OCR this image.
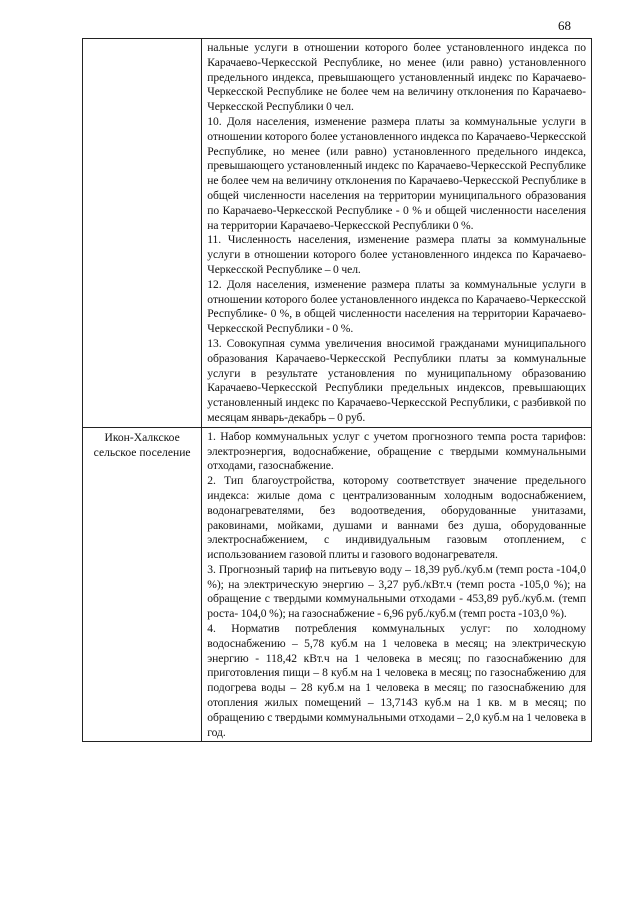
68

	нальные услуги в отношении которого более установленного индекса по Карачаево-Черкесской Республике, но менее (или равно) установленного предельного индекса, превышающего установленный индекс по Карачаево-Черкесской Республике не более чем на величину отклонения по Карачаево-Черкесской Республики 0 чел.

10. Доля населения, изменение размера платы за коммунальные услуги в отношении которого более установленного индекса по Карачаево-Черкесской Республике, но менее (или равно) установленного предельного индекса, превышающего установленный индекс по Карачаево-Черкесской Республике не более чем на величину отклонения по Карачаево-Черкесской Республике в общей численности населения на территории муниципального образования по Карачаево-Черкесской Республике - 0 % и общей численности населения на территории Карачаево-Черкесской Республики 0 %.

11. Численность населения, изменение размера платы за коммунальные услуги в отношении которого более установленного индекса по Карачаево-Черкесской Республике – 0 чел.

12. Доля населения, изменение размера платы за коммунальные услуги в отношении которого более установленного индекса по Карачаево-Черкесской Республике- 0 %, в общей численности населения на территории Карачаево-Черкесской Республики - 0 %.

13. Совокупная сумма увеличения вносимой гражданами муниципального образования Карачаево-Черкесской Республики платы за коммунальные услуги в результате установления по муниципальному образованию Карачаево-Черкесской Республики предельных индексов, превышающих установленный индекс по Карачаево-Черкесской Республики, с разбивкой по месяцам январь-декабрь – 0 руб.

Икон-Халкское сельское поселение	1. Набор коммунальных услуг с учетом прогнозного темпа роста тарифов: электроэнергия, водоснабжение, обращение с твердыми коммунальными отходами, газоснабжение.

2. Тип благоустройства, которому соответствует значение предельного индекса: жилые дома с централизованным холодным водоснабжением, водонагревателями, без водоотведения, оборудованные унитазами, раковинами, мойками, душами и ваннами без душа, оборудованные электроснабжением, с индивидуальным газовым отоплением, с использованием газовой плиты и газового водонагревателя.

3. Прогнозный тариф на питьевую воду – 18,39 руб./куб.м (темп роста -104,0 %); на электрическую энергию – 3,27 руб./кВт.ч (темп роста -105,0 %); на обращение с твердыми коммунальными отходами - 453,89 руб./куб.м. (темп роста- 104,0 %); на газоснабжение - 6,96 руб./куб.м (темп роста -103,0 %).

4. Норматив потребления коммунальных услуг: по холодному водоснабжению – 5,78 куб.м на 1 человека в месяц; на электрическую энергию - 118,42 кВт.ч на 1 человека в месяц; по газоснабжению для приготовления пищи – 8 куб.м на 1 человека в месяц; по газоснабжению для подогрева воды – 28 куб.м на 1 человека в месяц; по газоснабжению для отопления жилых помещений – 13,7143 куб.м на 1 кв. м в месяц; по обращению с твердыми коммунальными отходами – 2,0 куб.м на 1 человека в год.
